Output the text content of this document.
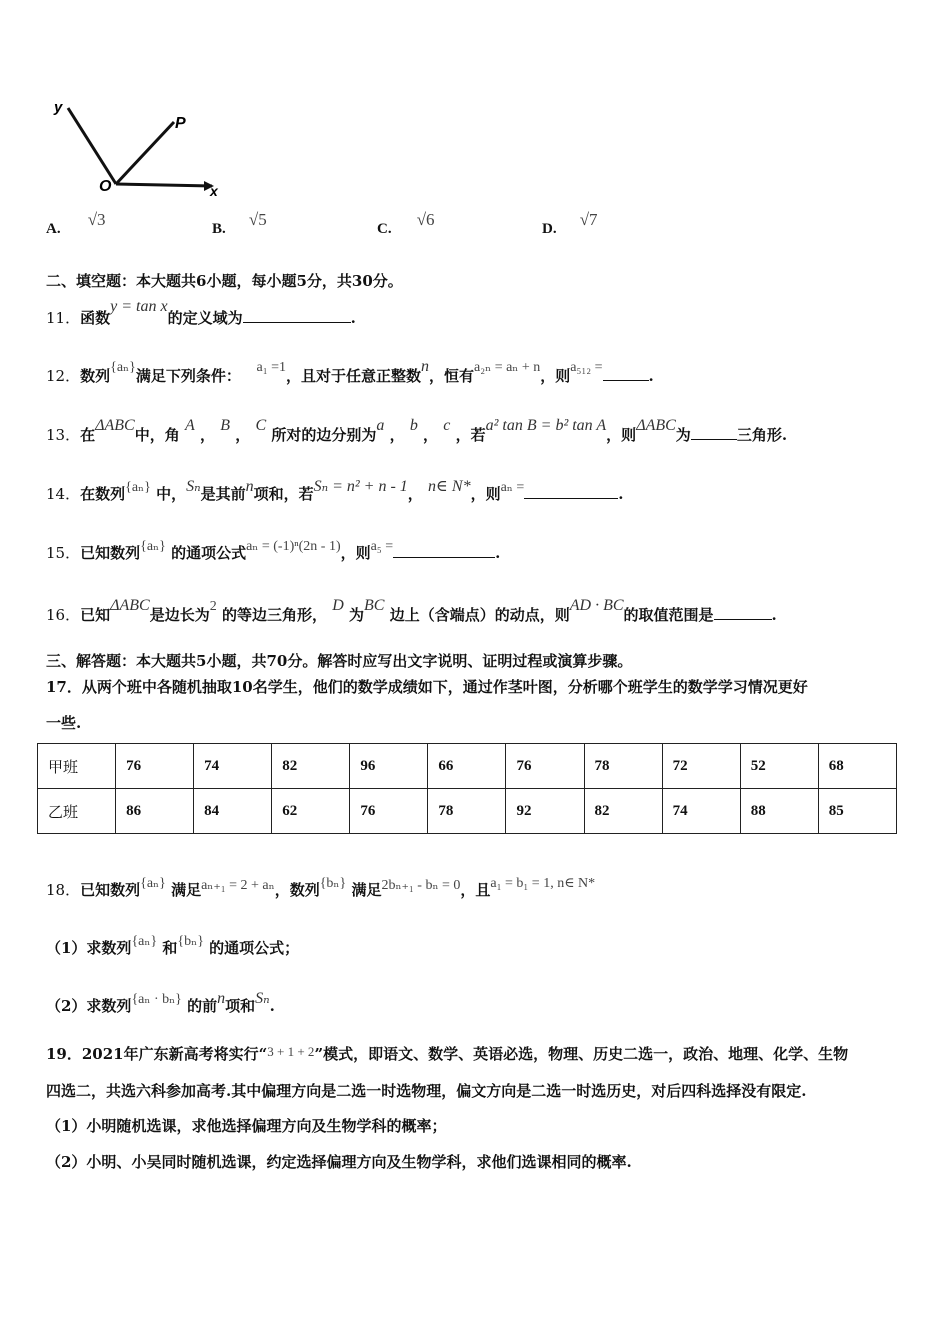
y
P
O	x
A. √3	B. √5	C. √6	D. √7
二、填空题：本大题共6小题，每小题5分，共30分。
11．函数y = tan x的定义域为	.
12．数列{aₙ}满足下列条件： a₁ =1，且对于任意正整数n，恒有a₂ₙ = aₙ + n，则a₅₁₂ =	.
13．在ΔABC中，角 A ， B ， C 所对的边分别为a ， b ， c ，若a² tan B = b² tan A，则ΔABC为	三角形.
14．在数列{aₙ} 中，Sₙ是其前n项和，若Sₙ = n² + n - 1， n∈ N*，则aₙ =	.
15．已知数列{aₙ} 的通项公式aₙ = (-1)ⁿ(2n - 1)，则a₅ =	.
16．已知ΔABC是边长为2 的等边三角形， D 为BC 边上（含端点）的动点，则AD · BC的取值范围是	.
三、解答题：本大题共5小题，共70分。解答时应写出文字说明、证明过程或演算步骤。
17．从两个班中各随机抽取10名学生，他们的数学成绩如下，通过作茎叶图，分析哪个班学生的数学学习情况更好
一些.
甲班	76	74	82	96	66	76	78	72	52	68
乙班	86	84	62	76	78	92	82	74	88	85
18．已知数列{aₙ} 满足aₙ₊₁ = 2 + aₙ，数列{bₙ} 满足2bₙ₊₁ - bₙ = 0，且a₁ = b₁ = 1, n∈ N*
（1）求数列{aₙ} 和{bₙ} 的通项公式；
（2）求数列{aₙ · bₙ} 的前n项和Sₙ.
19．2021年广东新高考将实行“3 + 1 + 2”模式，即语文、数学、英语必选，物理、历史二选一，政治、地理、化学、生物
四选二，共选六科参加高考.其中偏理方向是二选一时选物理，偏文方向是二选一时选历史，对后四科选择没有限定.
（1）小明随机选课，求他选择偏理方向及生物学科的概率；
（2）小明、小吴同时随机选课，约定选择偏理方向及生物学科，求他们选课相同的概率.
